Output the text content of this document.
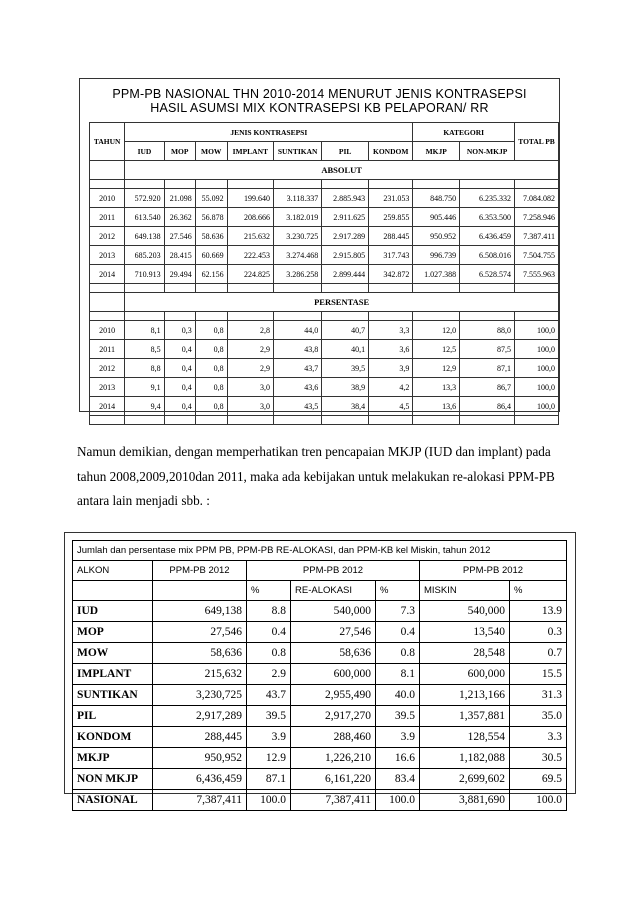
PPM-PB NASIONAL THN 2010-2014 MENURUT JENIS KONTRASEPSI
HASIL ASUMSI MIX KONTRASEPSI KB PELAPORAN/ RR
TAHUN	JENIS KONTRASEPSI							KATEGORI		TOTAL PB
	IUD	MOP	MOW	IMPLANT	SUNTIKAN	PIL	KONDOM	MKJP	NON-MKJP	
	ABSOLUT									

2010	572.920	21.098	55.092	199.640	3.118.337	2.885.943	231.053	848.750	6.235.332	7.084.082
2011	613.540	26.362	56.878	208.666	3.182.019	2.911.625	259.855	905.446	6.353.500	7.258.946
2012	649.138	27.546	58.636	215.632	3.230.725	2.917.289	288.445	950.952	6.436.459	7.387.411
2013	685.203	28.415	60.669	222.453	3.274.468	2.915.805	317.743	996.739	6.508.016	7.504.755
2014	710.913	29.494	62.156	224.825	3.286.258	2.899.444	342.872	1.027.388	6.528.574	7.555.963

	PERSENTASE									

2010	8,1	0,3	0,8	2,8	44,0	40,7	3,3	12,0	88,0	100,0
2011	8,5	0,4	0,8	2,9	43,8	40,1	3,6	12,5	87,5	100,0
2012	8,8	0,4	0,8	2,9	43,7	39,5	3,9	12,9	87,1	100,0
2013	9,1	0,4	0,8	3,0	43,6	38,9	4,2	13,3	86,7	100,0
2014	9,4	0,4	0,8	3,0	43,5	38,4	4,5	13,6	86,4	100,0

Namun demikian, dengan memperhatikan tren pencapaian MKJP (IUD dan implant) pada
tahun 2008,2009,2010dan 2011, maka ada kebijakan untuk melakukan re-alokasi PPM-PB
antara lain menjadi sbb. :
Jumlah dan persentase mix PPM PB, PPM-PB RE-ALOKASI, dan PPM-KB kel Miskin, tahun 2012						
ALKON	PPM-PB 2012	PPM-PB 2012			PPM-PB 2012	
		%	RE-ALOKASI	%	MISKIN	%
IUD	649,138	8.8	540,000	7.3	540,000	13.9
MOP	27,546	0.4	27,546	0.4	13,540	0.3
MOW	58,636	0.8	58,636	0.8	28,548	0.7
IMPLANT	215,632	2.9	600,000	8.1	600,000	15.5
SUNTIKAN	3,230,725	43.7	2,955,490	40.0	1,213,166	31.3
PIL	2,917,289	39.5	2,917,270	39.5	1,357,881	35.0
KONDOM	288,445	3.9	288,460	3.9	128,554	3.3
MKJP	950,952	12.9	1,226,210	16.6	1,182,088	30.5
NON MKJP	6,436,459	87.1	6,161,220	83.4	2,699,602	69.5
NASIONAL	7,387,411	100.0	7,387,411	100.0	3,881,690	100.0
